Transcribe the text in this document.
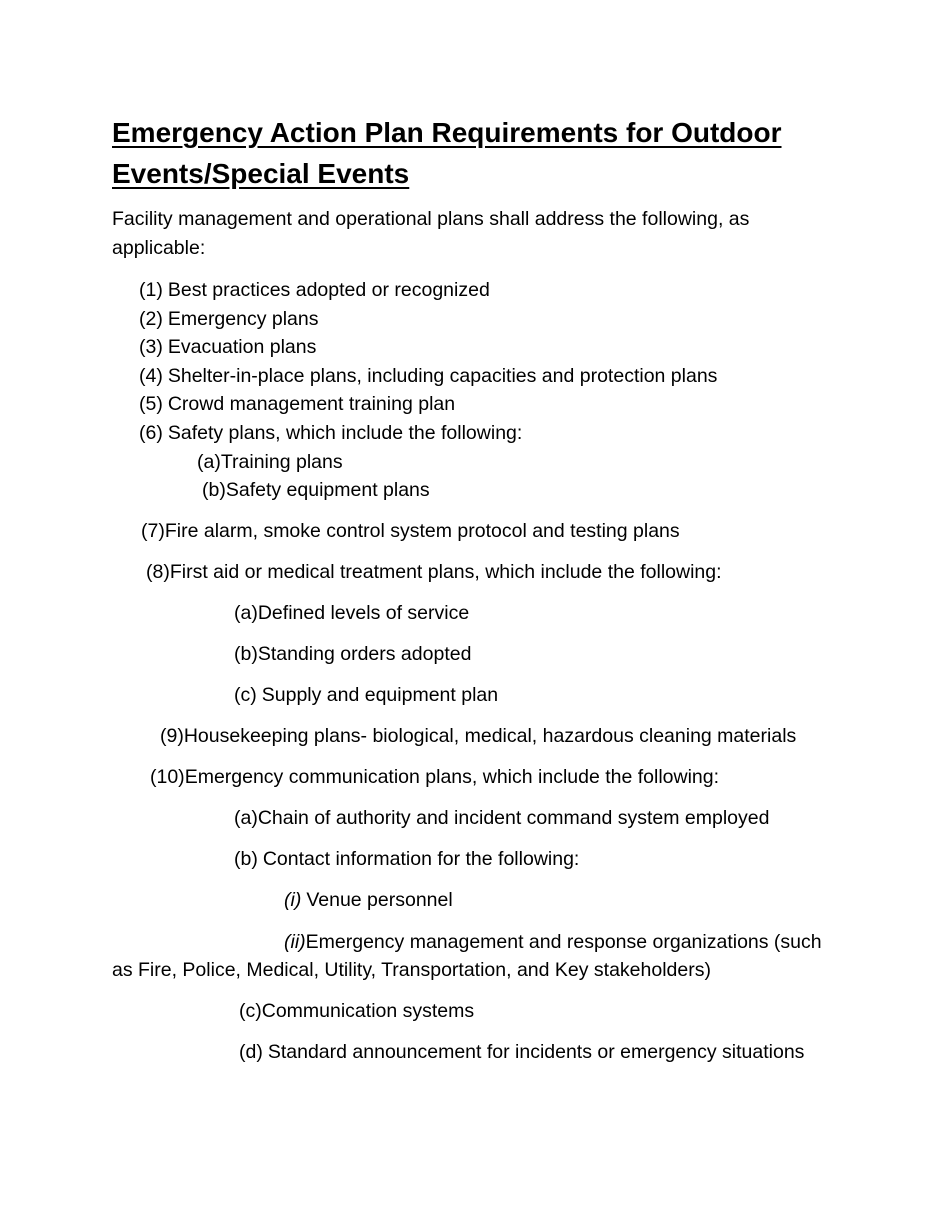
Emergency Action Plan Requirements for Outdoor Events/Special Events
Facility management and operational plans shall address the following, as applicable:
(1) Best practices adopted or recognized
(2) Emergency plans
(3) Evacuation plans
(4) Shelter-in-place plans, including capacities and protection plans
(5) Crowd management training plan
(6) Safety plans, which include the following:
(a)Training plans
(b)Safety equipment plans
(7)Fire alarm, smoke control system protocol and testing plans
(8)First aid or medical treatment plans, which include the following:
(a)Defined levels of service
(b)Standing orders adopted
(c) Supply and equipment plan
(9)Housekeeping plans- biological, medical, hazardous cleaning materials
(10)Emergency communication plans, which include the following:
(a)Chain of authority and incident command system employed
(b) Contact information for the following:
(i) Venue personnel
(ii)Emergency management and response organizations (such
as Fire, Police, Medical, Utility, Transportation, and Key stakeholders)
(c)Communication systems
(d) Standard announcement for incidents or emergency situations
